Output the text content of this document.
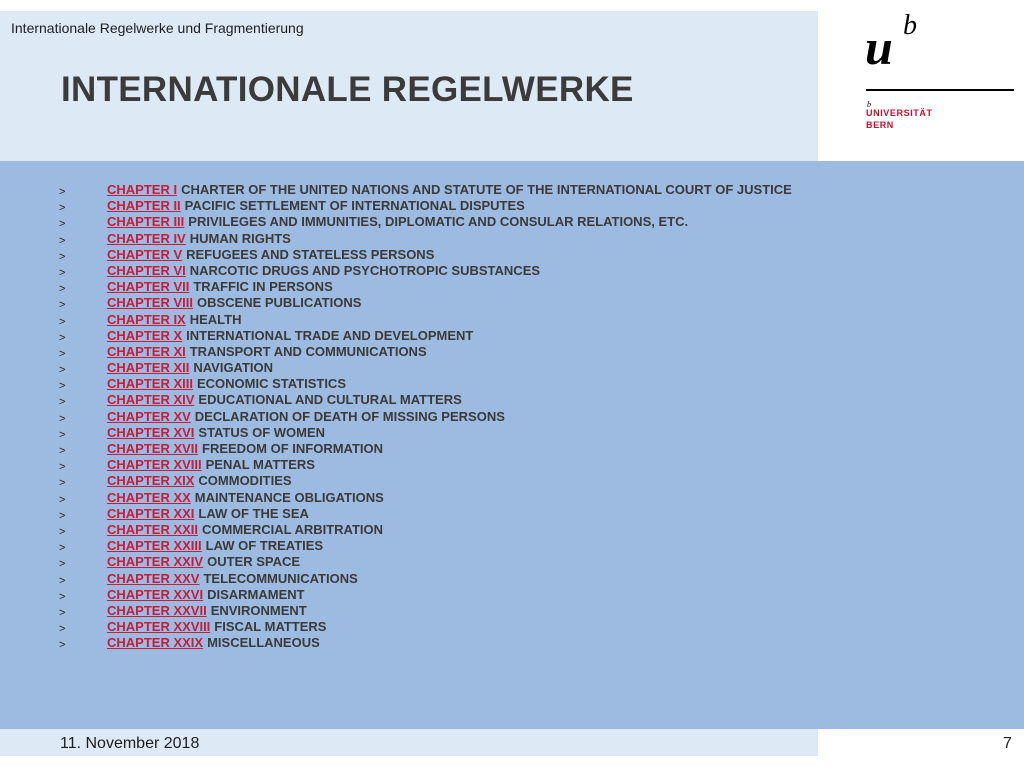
Internationale Regelwerke und Fragmentierung
INTERNATIONALE REGELWERKE
u b
b
UNIVERSITÄT
BERN
>	CHAPTER I CHARTER OF THE UNITED NATIONS AND STATUTE OF THE INTERNATIONAL COURT OF JUSTICE
>	CHAPTER II PACIFIC SETTLEMENT OF INTERNATIONAL DISPUTES
>	CHAPTER III PRIVILEGES AND IMMUNITIES, DIPLOMATIC AND CONSULAR RELATIONS, ETC.
>	CHAPTER IV HUMAN RIGHTS
>	CHAPTER V REFUGEES AND STATELESS PERSONS
>	CHAPTER VI NARCOTIC DRUGS AND PSYCHOTROPIC SUBSTANCES
>	CHAPTER VII TRAFFIC IN PERSONS
>	CHAPTER VIII OBSCENE PUBLICATIONS
>	CHAPTER IX HEALTH
>	CHAPTER X INTERNATIONAL TRADE AND DEVELOPMENT
>	CHAPTER XI TRANSPORT AND COMMUNICATIONS
>	CHAPTER XII NAVIGATION
>	CHAPTER XIII ECONOMIC STATISTICS
>	CHAPTER XIV EDUCATIONAL AND CULTURAL MATTERS
>	CHAPTER XV DECLARATION OF DEATH OF MISSING PERSONS
>	CHAPTER XVI STATUS OF WOMEN
>	CHAPTER XVII FREEDOM OF INFORMATION
>	CHAPTER XVIII PENAL MATTERS
>	CHAPTER XIX COMMODITIES
>	CHAPTER XX MAINTENANCE OBLIGATIONS
>	CHAPTER XXI LAW OF THE SEA
>	CHAPTER XXII COMMERCIAL ARBITRATION
>	CHAPTER XXIII LAW OF TREATIES
>	CHAPTER XXIV OUTER SPACE
>	CHAPTER XXV TELECOMMUNICATIONS
>	CHAPTER XXVI DISARMAMENT
>	CHAPTER XXVII ENVIRONMENT
>	CHAPTER XXVIII FISCAL MATTERS
>	CHAPTER XXIX MISCELLANEOUS
11. November 2018	7
